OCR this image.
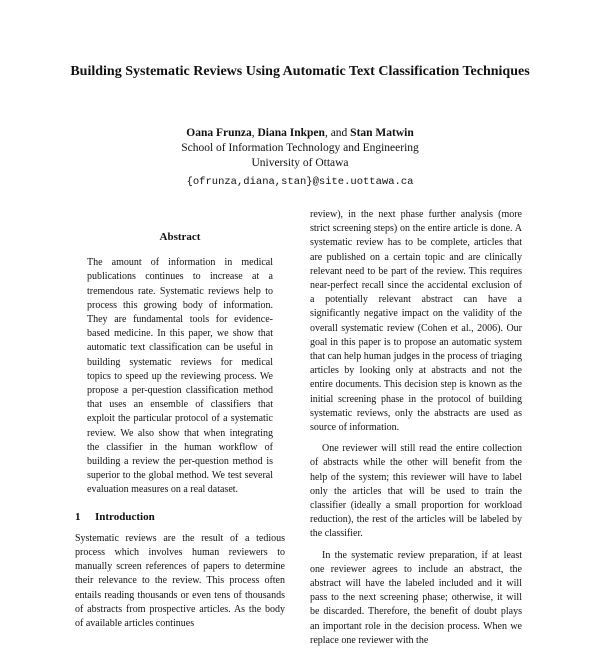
Building Systematic Reviews Using Automatic Text Classification Techniques
Oana Frunza, Diana Inkpen, and Stan Matwin
School of Information Technology and Engineering
University of Ottawa
{ofrunza,diana,stan}@site.uottawa.ca
Abstract

The amount of information in medical publications continues to increase at a tremendous rate. Systematic reviews help to process this growing body of information. They are fundamental tools for evidence-based medicine. In this paper, we show that automatic text classification can be useful in building systematic reviews for medical topics to speed up the reviewing process. We propose a per-question classification method that uses an ensemble of classifiers that exploit the particular protocol of a systematic review. We also show that when integrating the classifier in the human workflow of building a review the per-question method is superior to the global method. We test several evaluation measures on a real dataset.

1 Introduction

Systematic reviews are the result of a tedious process which involves human reviewers to manually screen references of papers to determine their relevance to the review. This process often entails reading thousands or even tens of thousands of abstracts from prospective articles. As the body of available articles continues

review), in the next phase further analysis (more strict screening steps) on the entire article is done. A systematic review has to be complete, articles that are published on a certain topic and are clinically relevant need to be part of the review. This requires near-perfect recall since the accidental exclusion of a potentially relevant abstract can have a significantly negative impact on the validity of the overall systematic review (Cohen et al., 2006). Our goal in this paper is to propose an automatic system that can help human judges in the process of triaging articles by looking only at abstracts and not the entire documents. This decision step is known as the initial screening phase in the protocol of building systematic reviews, only the abstracts are used as source of information.

One reviewer will still read the entire collection of abstracts while the other will benefit from the help of the system; this reviewer will have to label only the articles that will be used to train the classifier (ideally a small proportion for workload reduction), the rest of the articles will be labeled by the classifier.

In the systematic review preparation, if at least one reviewer agrees to include an abstract, the abstract will have the labeled included and it will pass to the next screening phase; otherwise, it will be discarded. Therefore, the benefit of doubt plays an important role in the decision process. When we replace one reviewer with the
